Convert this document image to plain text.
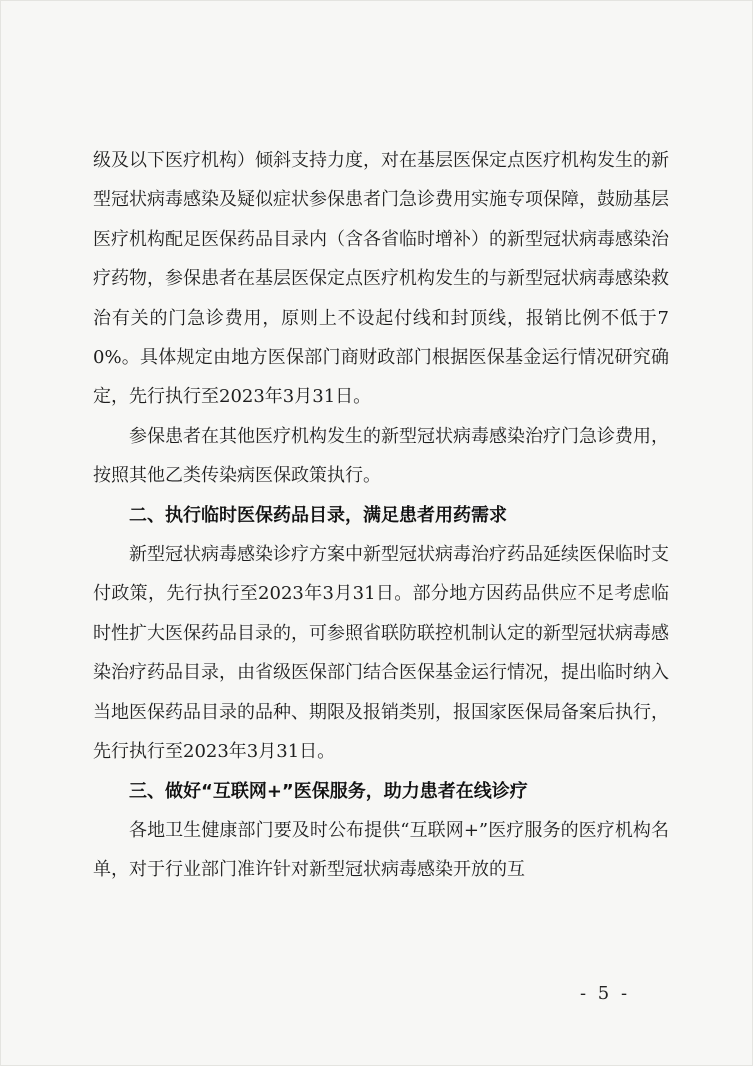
级及以下医疗机构）倾斜支持力度，对在基层医保定点医疗机构发生的新型冠状病毒感染及疑似症状参保患者门急诊费用实施专项保障，鼓励基层医疗机构配足医保药品目录内（含各省临时增补）的新型冠状病毒感染治疗药物，参保患者在基层医保定点医疗机构发生的与新型冠状病毒感染救治有关的门急诊费用，原则上不设起付线和封顶线，报销比例不低于70%。具体规定由地方医保部门商财政部门根据医保基金运行情况研究确定，先行执行至2023年3月31日。

参保患者在其他医疗机构发生的新型冠状病毒感染治疗门急诊费用，按照其他乙类传染病医保政策执行。

二、执行临时医保药品目录，满足患者用药需求

新型冠状病毒感染诊疗方案中新型冠状病毒治疗药品延续医保临时支付政策，先行执行至2023年3月31日。部分地方因药品供应不足考虑临时性扩大医保药品目录的，可参照省联防联控机制认定的新型冠状病毒感染治疗药品目录，由省级医保部门结合医保基金运行情况，提出临时纳入当地医保药品目录的品种、期限及报销类别，报国家医保局备案后执行，先行执行至2023年3月31日。

三、做好“互联网+”医保服务，助力患者在线诊疗

各地卫生健康部门要及时公布提供“互联网+”医疗服务的医疗机构名单，对于行业部门准许针对新型冠状病毒感染开放的互

- 5 -
